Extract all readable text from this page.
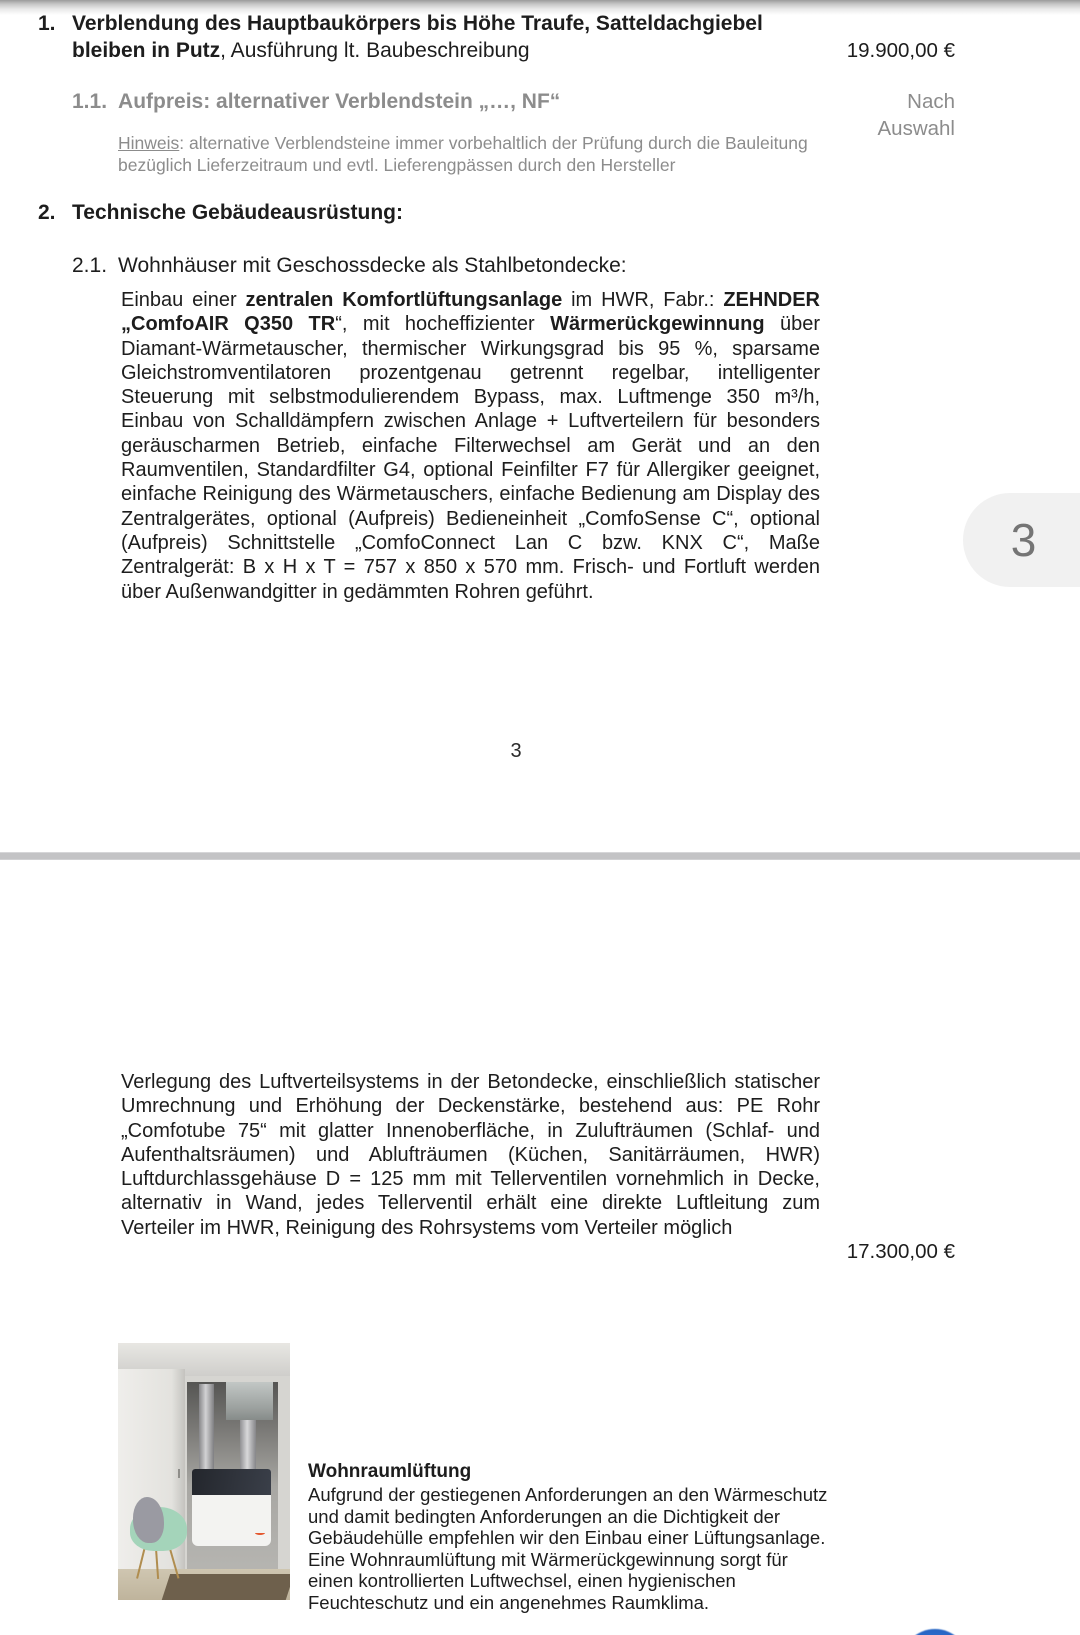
1. Verblendung des Hauptbaukörpers bis Höhe Traufe, Satteldachgiebel bleiben in Putz, Ausführung lt. Baubeschreibung	19.900,00 €
1.1. Aufpreis: alternativer Verblendstein „…, NF“	Nach
Auswahl
Hinweis: alternative Verblendsteine immer vorbehaltlich der Prüfung durch die Bauleitung bezüglich Lieferzeitraum und evtl. Lieferengpässen durch den Hersteller
2. Technische Gebäudeausrüstung:
2.1. Wohnhäuser mit Geschossdecke als Stahlbetondecke:
Einbau einer zentralen Komfortlüftungsanlage im HWR, Fabr.: ZEHNDER „ComfoAIR Q350 TR“, mit hocheffizienter Wärmerückgewinnung über Diamant-Wärmetauscher, thermischer Wirkungsgrad bis 95 %, sparsame Gleichstromventilatoren prozentgenau getrennt regelbar, intelligenter Steuerung mit selbstmodulierendem Bypass, max. Luftmenge 350 m³/h, Einbau von Schalldämpfern zwischen Anlage + Luftverteilern für besonders geräuscharmen Betrieb, einfache Filterwechsel am Gerät und an den Raumventilen, Standardfilter G4, optional Feinfilter F7 für Allergiker geeignet, einfache Reinigung des Wärmetauschers, einfache Bedienung am Display des Zentralgerätes, optional (Aufpreis) Bedieneinheit „ComfoSense C“, optional (Aufpreis) Schnittstelle „ComfoConnect Lan C bzw. KNX C“, Maße Zentralgerät: B x H x T = 757 x 850 x 570 mm. Frisch- und Fortluft werden über Außenwandgitter in gedämmten Rohren geführt.
3
3
Verlegung des Luftverteilsystems in der Betondecke, einschließlich statischer Umrechnung und Erhöhung der Deckenstärke, bestehend aus: PE Rohr „Comfotube 75“ mit glatter Innenoberfläche, in Zulufträumen (Schlaf- und Aufenthaltsräumen) und Ablufträumen (Küchen, Sanitärräumen, HWR) Luftdurchlassgehäuse D = 125 mm mit Tellerventilen vornehmlich in Decke, alternativ in Wand, jedes Tellerventil erhält eine direkte Luftleitung zum Verteiler im HWR, Reinigung des Rohrsystems vom Verteiler möglich
17.300,00 €
Wohnraumlüftung
Aufgrund der gestiegenen Anforderungen an den Wärmeschutz und damit bedingten Anforderungen an die Dichtigkeit der Gebäudehülle empfehlen wir den Einbau einer Lüftungsanlage. Eine Wohnraumlüftung mit Wärmerückgewinnung sorgt für einen kontrollierten Luftwechsel, einen hygienischen Feuchteschutz und ein angenehmes Raumklima.
